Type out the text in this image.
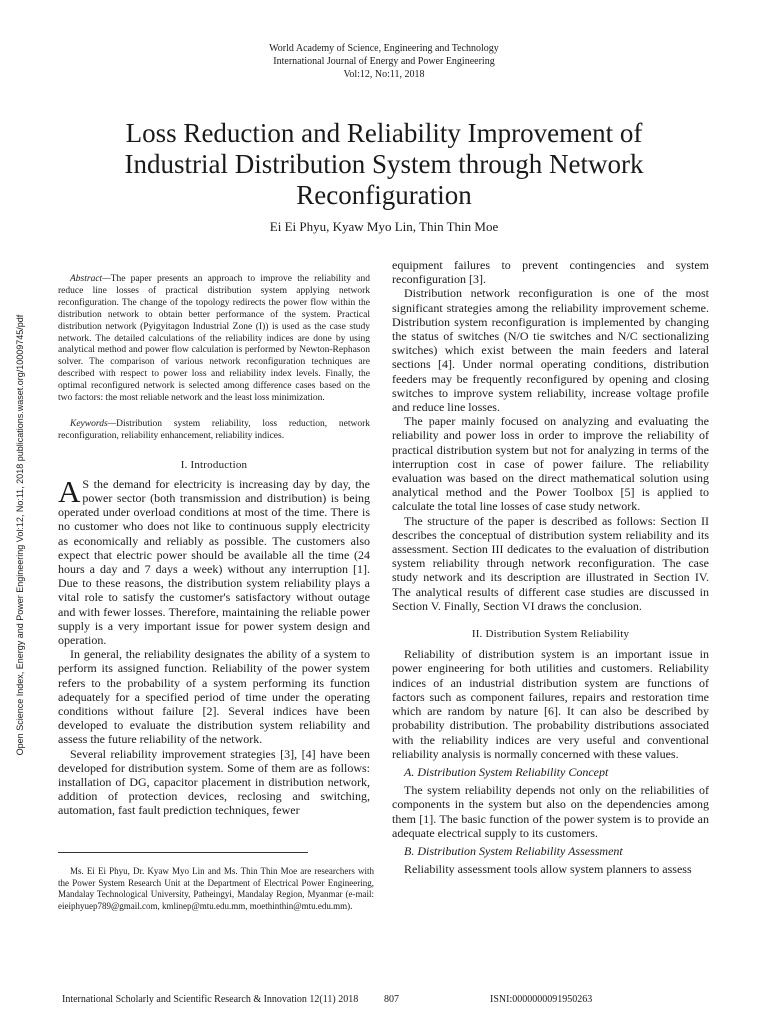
World Academy of Science, Engineering and Technology
International Journal of Energy and Power Engineering
Vol:12, No:11, 2018
Loss Reduction and Reliability Improvement of
Industrial Distribution System through Network
Reconfiguration
Ei Ei Phyu, Kyaw Myo Lin, Thin Thin Moe
Open Science Index, Energy and Power Engineering Vol:12, No:11, 2018 publications.waset.org/10009745/pdf
Abstract—The paper presents an approach to improve the reliability and reduce line losses of practical distribution system applying network reconfiguration. The change of the topology redirects the power flow within the distribution network to obtain better performance of the system. Practical distribution network (Pyigyitagon Industrial Zone (I)) is used as the case study network. The detailed calculations of the reliability indices are done by using analytical method and power flow calculation is performed by Newton-Rephason solver. The comparison of various network reconfiguration techniques are described with respect to power loss and reliability index levels. Finally, the optimal reconfigured network is selected among difference cases based on the two factors: the most reliable network and the least loss minimization.
Keywords—Distribution system reliability, loss reduction, network reconfiguration, reliability enhancement, reliability indices.
I. Introduction

A S the demand for electricity is increasing day by day, the power sector (both transmission and distribution) is being operated under overload conditions at most of the time. There is no customer who does not like to continuous supply electricity as economically and reliably as possible. The customers also expect that electric power should be available all the time (24 hours a day and 7 days a week) without any interruption [1]. Due to these reasons, the distribution system reliability plays a vital role to satisfy the customer's satisfactory without outage and with fewer losses. Therefore, maintaining the reliable power supply is a very important issue for power system design and operation.

In general, the reliability designates the ability of a system to perform its assigned function. Reliability of the power system refers to the probability of a system performing its function adequately for a specified period of time under the operating conditions without failure [2]. Several indices have been developed to evaluate the distribution system reliability and assess the future reliability of the network.

Several reliability improvement strategies [3], [4] have been developed for distribution system. Some of them are as follows: installation of DG, capacitor placement in distribution network, addition of protection devices, reclosing and switching, automation, fast fault prediction techniques, fewer

Ms. Ei Ei Phyu, Dr. Kyaw Myo Lin and Ms. Thin Thin Moe are researchers with the Power System Research Unit at the Department of Electrical Power Engineering, Mandalay Technological University, Patheingyi, Mandalay Region, Myanmar (e-mail: eieiphyuep789@gmail.com, kmlinep@mtu.edu.mm, moethinthin@mtu.edu.mm).

equipment failures to prevent contingencies and system reconfiguration [3].

Distribution network reconfiguration is one of the most significant strategies among the reliability improvement scheme. Distribution system reconfiguration is implemented by changing the status of switches (N/O tie switches and N/C sectionalizing switches) which exist between the main feeders and lateral sections [4]. Under normal operating conditions, distribution feeders may be frequently reconfigured by opening and closing switches to improve system reliability, increase voltage profile and reduce line losses.

The paper mainly focused on analyzing and evaluating the reliability and power loss in order to improve the reliability of practical distribution system but not for analyzing in terms of the interruption cost in case of power failure. The reliability evaluation was based on the direct mathematical solution using analytical method and the Power Toolbox [5] is applied to calculate the total line losses of case study network.

The structure of the paper is described as follows: Section II describes the conceptual of distribution system reliability and its assessment. Section III dedicates to the evaluation of distribution system reliability through network reconfiguration. The case study network and its description are illustrated in Section IV. The analytical results of different case studies are discussed in Section V. Finally, Section VI draws the conclusion.

II. Distribution System Reliability

Reliability of distribution system is an important issue in power engineering for both utilities and customers. Reliability indices of an industrial distribution system are functions of factors such as component failures, repairs and restoration time which are random by nature [6]. It can also be described by probability distribution. The probability distributions associated with the reliability indices are very useful and conventional reliability analysis is normally concerned with these values.

A. Distribution System Reliability Concept

The system reliability depends not only on the reliabilities of components in the system but also on the dependencies among them [1]. The basic function of the power system is to provide an adequate electrical supply to its customers.

B. Distribution System Reliability Assessment

Reliability assessment tools allow system planners to assess

International Scholarly and Scientific Research & Innovation 12(11) 2018	807	ISNI:0000000091950263
